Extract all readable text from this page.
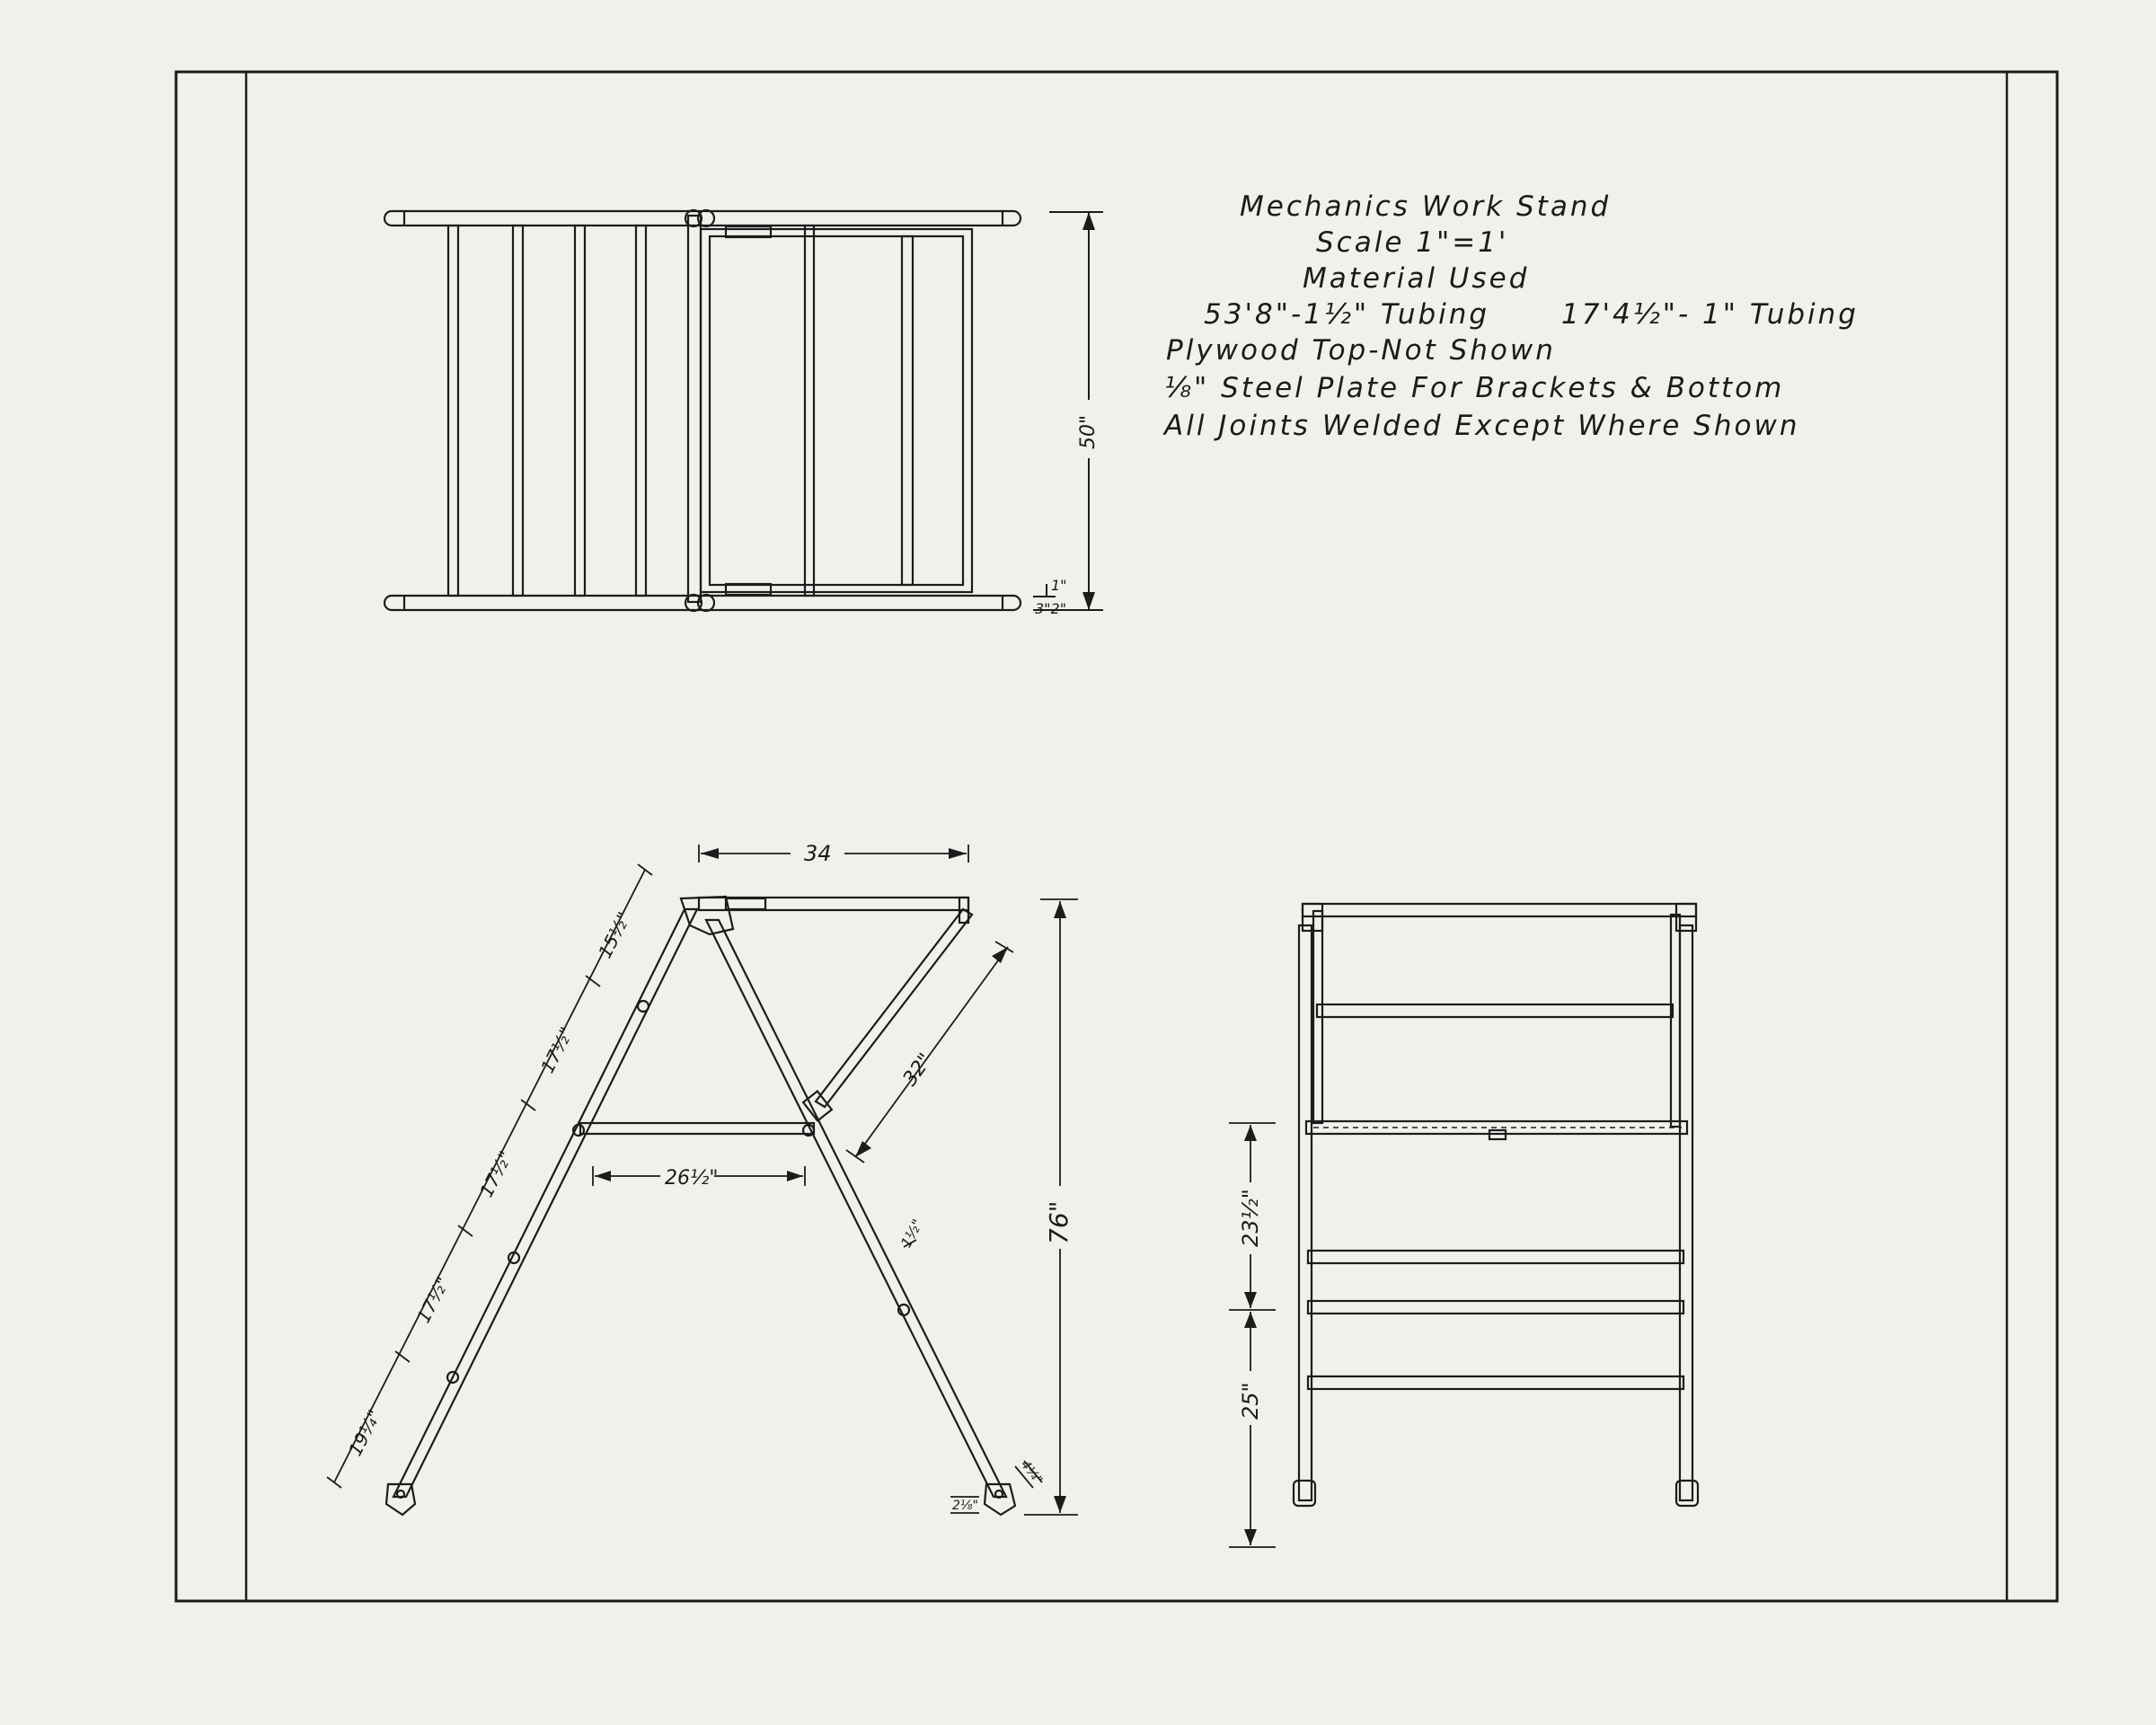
Mechanics Work Stand
Scale 1"=1'
Material Used
53'8"-1½" Tubing	17'4½"- 1" Tubing
Plywood Top-Not Shown
⅛" Steel Plate For Brackets & Bottom
All Joints Welded Except Where Shown
50"
1"
3"2"
34
76"
26½"
32"
1½"
15½"
17½"
17½"
17½"
19¼"
2⅛"
4¼"
23½"
25"
